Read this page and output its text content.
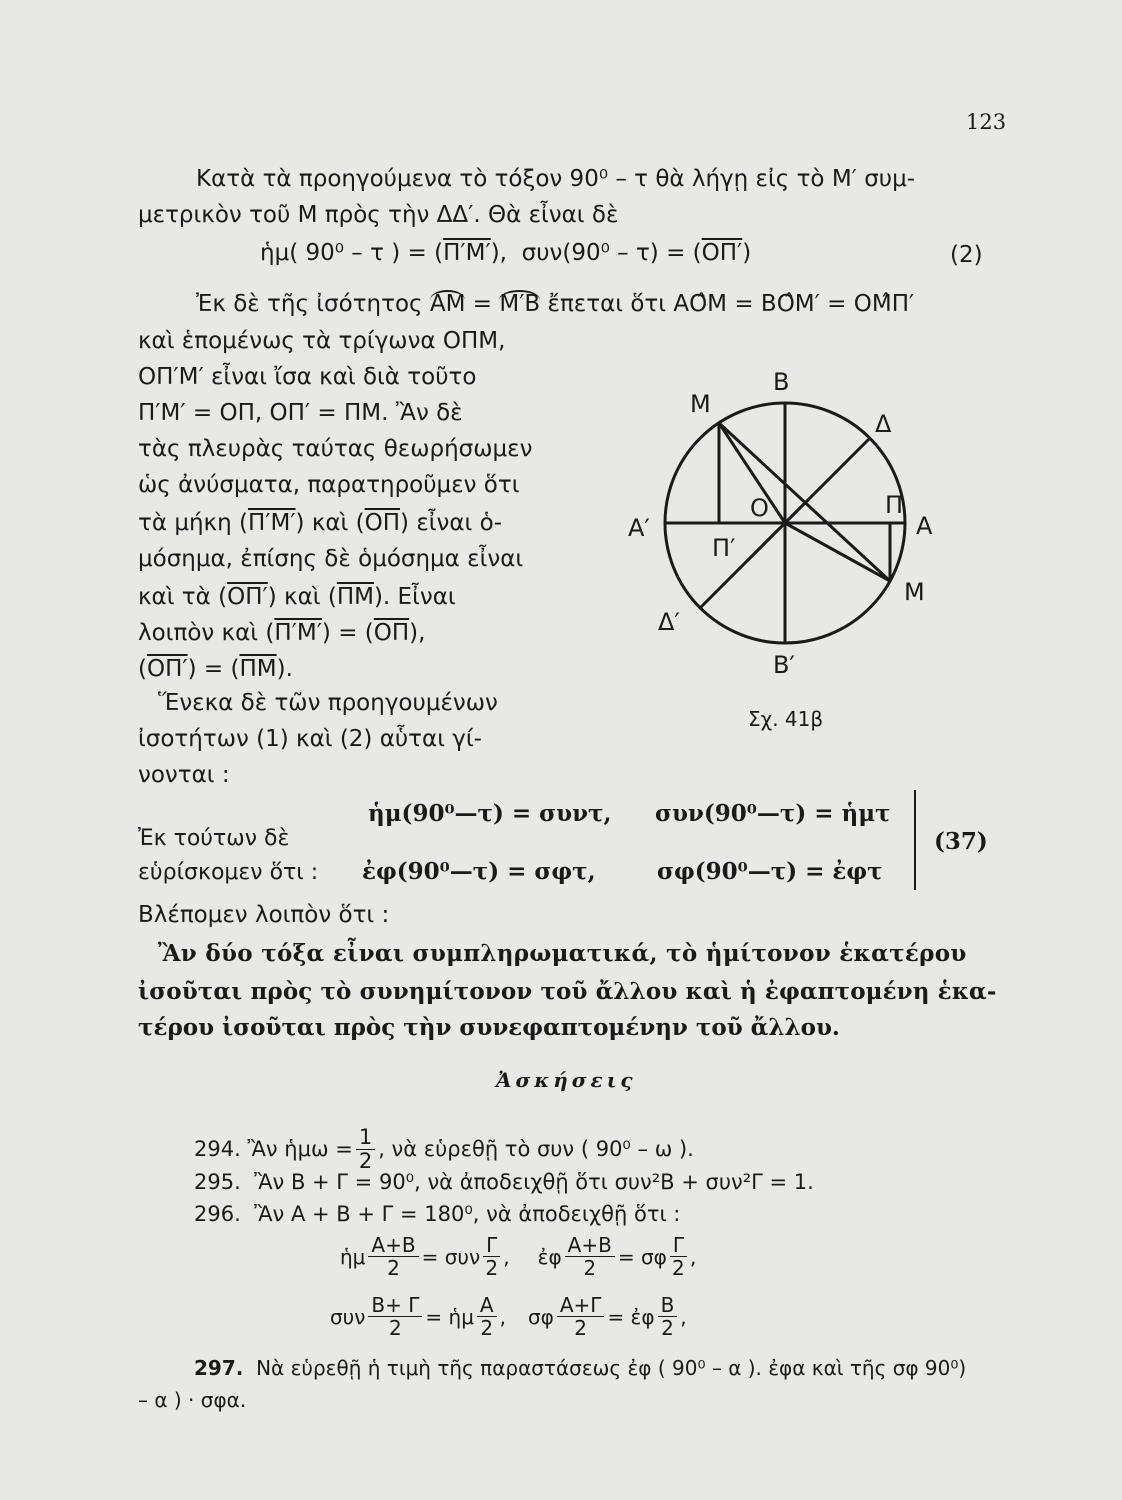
123
Κατὰ τὰ προηγούμενα τὸ τόξον 90⁰ – τ θὰ λήγῃ εἰς τὸ Μ′ συμ-
μετρικὸν τοῦ Μ πρὸς τὴν ΔΔ′. Θὰ εἶναι δὲ
ἡμ( 90⁰ – τ ) = (Π′Μ′), συν(90⁰ – τ) = (ΟΠ′)	(2)
Ἐκ δὲ τῆς ἰσότητος ΑΜ = Μ′Β ἔπεται ὅτι ΑΟ̂Μ = ΒΟ̂Μ′ = ΟΜ̂Π′
καὶ ἑπομένως τὰ τρίγωνα ΟΠΜ,
ΟΠ′Μ′ εἶναι ἴσα καὶ διὰ τοῦτο
Π′Μ′ = ΟΠ, ΟΠ′ = ΠΜ. Ἂν δὲ
τὰς πλευρὰς ταύτας θεωρήσωμεν
ὡς ἀνύσματα, παρατηροῦμεν ὅτι
τὰ μήκη (Π′Μ′) καὶ $(\overline{O\Pi})$ εἶναι ὁ-
μόσημα, ἐπίσης δὲ ὁμόσημα εἶναι
καὶ τὰ (ΟΠ′) καὶ $(\overline{\Pi M})$. Εἶναι
λοιπὸν καὶ $(\Pi'M') = (\overline{O\Pi})$,
$(O\Pi') = (\overline{\Pi M})$.
Ἕνεκα δὲ τῶν προηγουμένων
ἰσοτήτων (1) καὶ (2) αὗται γί-
νονται :
Μ
Β
Δ
Ο	Π
Α′	Α
Π′
Μ
Δ′
Β′
Σχ. 41β
ἡμ(90⁰—τ) = συντ, συν(90⁰—τ) = ἡμτ
Ἐκ τούτων δὲ
εὑρίσκομεν ὅτι : ἐφ(90⁰—τ) = σφτ,	σφ(90⁰—τ) = ἐφτ
(37)
Βλέπομεν λοιπὸν ὅτι :
Ἂν δύο τόξα εἶναι συμπληρωματικά, τὸ ἡμίτονον ἑκατέρου
ἰσοῦται πρὸς τὸ συνημίτονον τοῦ ἄλλου καὶ ἡ ἐφαπτομένη ἑκα-
τέρου ἰσοῦται πρὸς τὴν συνεφαπτομένην τοῦ ἄλλου.
Ἀσκήσεις
294.
Ἂν ἡμω = $\frac{1}{2}$ , νὰ εὑρεθῇ τὸ συν ( 90⁰ – ω ).
295. Ἂν Β + Γ = 90⁰, νὰ ἀποδειχθῇ ὅτι συν²Β + συν²Γ = 1.
296. Ἂν Α + Β + Γ = 180⁰, νὰ ἀποδειχθῇ ὅτι :
ἡμ $\frac{A+B}{2} = \sigma\upsilon\nu \frac{\Gamma}{2}$ , ἐφ $\frac{A+B}{2} = \sigma\varphi \frac{\Gamma}{2}$ ,
συν $\frac{B+ \Gamma}{2}$ = ἡμ $\frac{A}{2}$ , σφ $\frac{A+\Gamma}{2}$ = ἐφ $\frac{B}{2}$ ,
297. Νὰ εὑρεθῇ ἡ τιμὴ τῆς παραστάσεως ἐφ ( 90⁰ – α ). ἐφα καὶ τῆς σφ 90⁰)
– α ) · σφα.
